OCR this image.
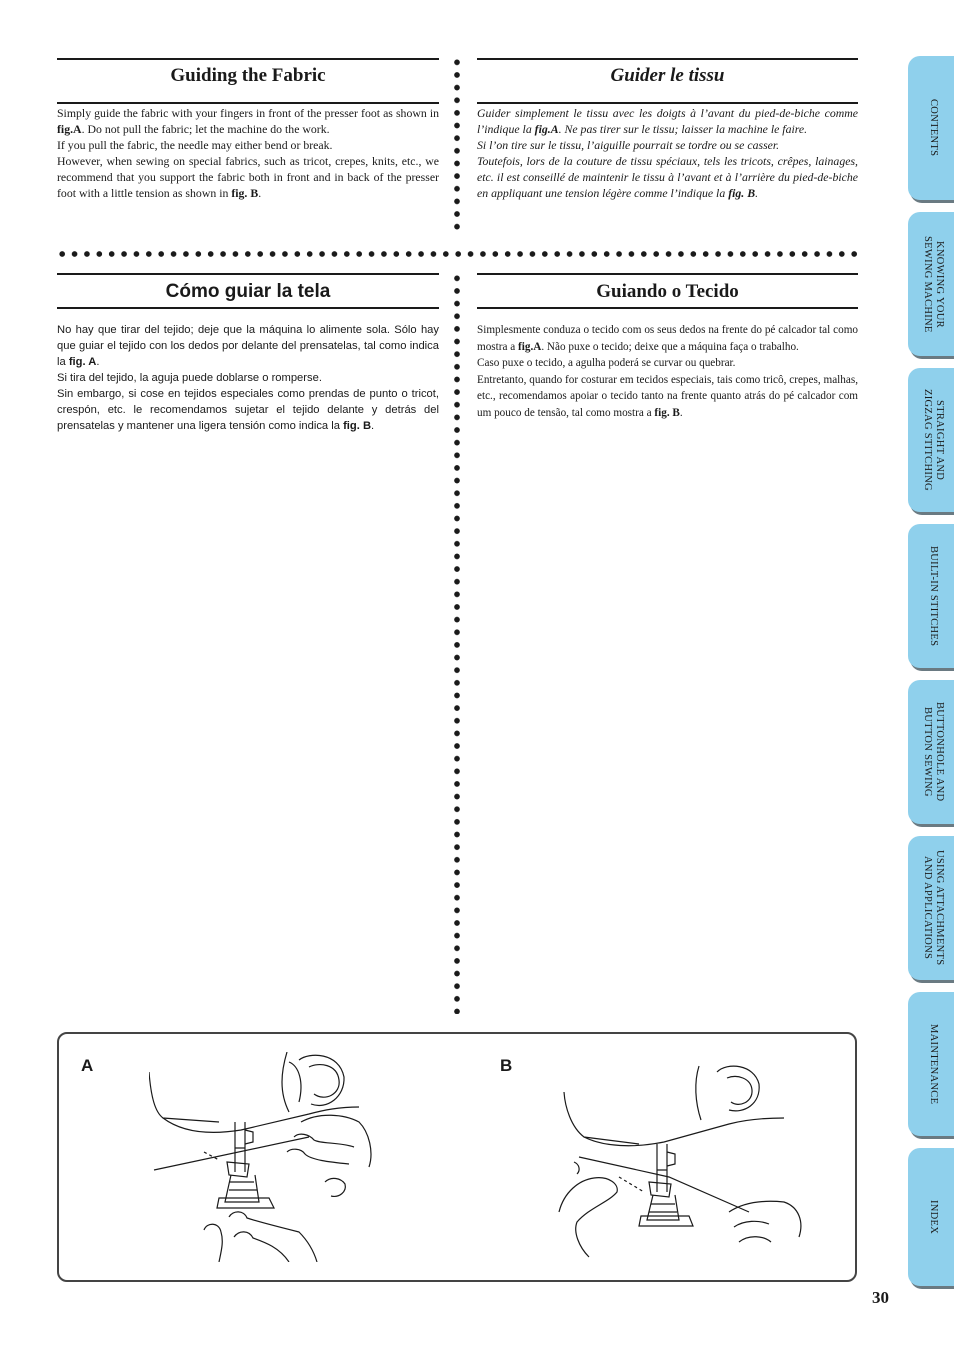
Guiding the Fabric

Simply guide the fabric with your fingers in front of the presser foot as shown in fig.A. Do not pull the fabric; let the machine do the work.

If you pull the fabric, the needle may either bend or break.

However, when sewing on special fabrics, such as tricot, crepes, knits, etc., we recommend that you support the fabric both in front and in back of the presser foot with a little tension as shown in fig. B.

Guider le tissu

Guider simplement le tissu avec les doigts à l’avant du pied-de-biche comme l’indique la fig.A. Ne pas tirer sur le tissu; laisser la machine le faire.

Si l’on tire sur le tissu, l’aiguille pourrait se tordre ou se casser.

Toutefois, lors de la couture de tissu spéciaux, tels les tricots, crêpes, lainages, etc. il est conseillé de maintenir le tissu à l’avant et à l’arrière du pied-de-biche en appliquant une tension légère comme l’indique la fig. B.

Cómo guiar la tela

No hay que tirar del tejido; deje que la máquina lo alimente sola. Sólo hay que guiar el tejido con los dedos por delante del prensatelas, tal como indica la fig. A.

Si tira del tejido, la aguja puede doblarse o romperse.

Sin embargo, si cose en tejidos especiales como prendas de punto o tricot, crespón, etc. le recomendamos sujetar el tejido delante y detrás del prensatelas y mantener una ligera tensión como indica la fig. B.

Guiando o Tecido

Simplesmente conduza o tecido com os seus dedos na frente do pé calcador tal como mostra a fig.A. Não puxe o tecido; deixe que a máquina faça o trabalho.

Caso puxe o tecido, a agulha poderá se curvar ou quebrar.

Entretanto, quando for costurar em tecidos especiais, tais como tricô, crepes, malhas, etc., recomendamos apoiar o tecido tanto na frente quanto atrás do pé calcador com um pouco de tensão, tal como mostra a fig. B.

A	B
CONTENTS
KNOWING YOUR
SEWING MACHINE
STRAIGHT AND
ZIGZAG STITCHING
BUILT-IN STITCHES
BUTTONHOLE AND
BUTTON SEWING
USING ATTACHMENTS
AND APPLICATIONS
MAINTENANCE
INDEX
30
